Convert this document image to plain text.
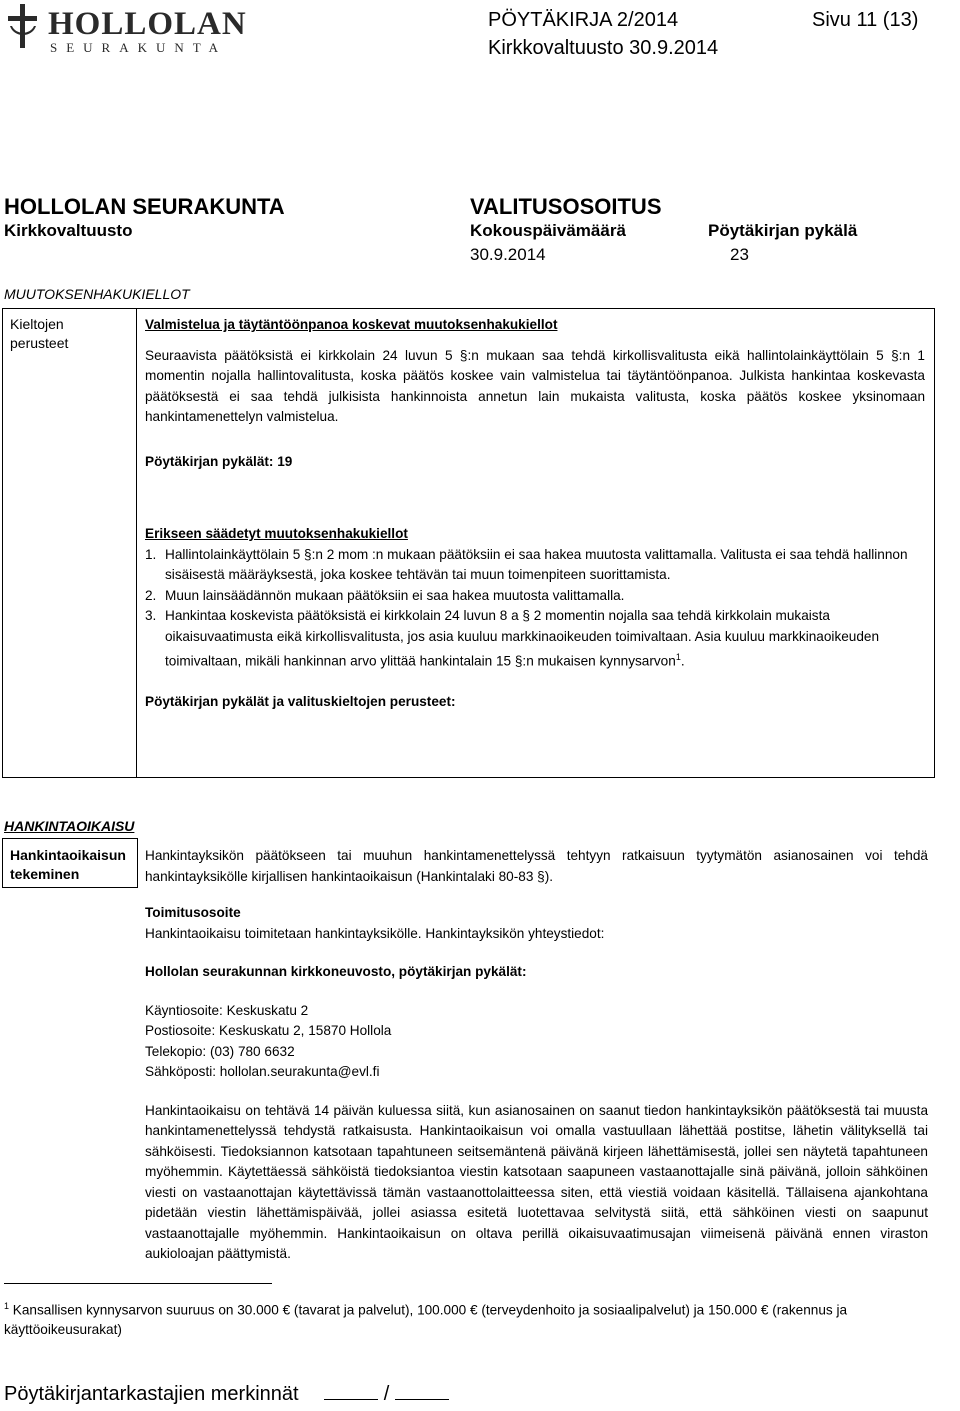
HOLLOLAN
SEURAKUNTA
PÖYTÄKIRJA 2/2014
Kirkkovaltuusto 30.9.2014
Sivu 11 (13)
HOLLOLAN SEURAKUNTA
Kirkkovaltuusto
VALITUSOSOITUS
Kokouspäivämäärä	Pöytäkirjan pykälä
30.9.2014	23
MUUTOKSENHAKUKIELLOT
Kieltojen perusteet

Valmistelua ja täytäntöönpanoa koskevat muutoksenhakukiellot

Seuraavista päätöksistä ei kirkkolain 24 luvun 5 §:n mukaan saa tehdä kirkollisvalitusta eikä hallintolainkäyttölain 5 §:n 1 momentin nojalla hallintovalitusta, koska päätös koskee vain valmistelua tai täytäntöönpanoa. Julkista hankintaa koskevasta päätöksestä ei saa tehdä julkisista hankinnoista annetun lain mukaista valitusta, koska päätös koskee yksinomaan hankintamenettelyn valmistelua.

Pöytäkirjan pykälät: 19

Erikseen säädetyt muutoksenhakukiellot

1. Hallintolainkäyttölain 5 §:n 2 mom :n mukaan päätöksiin ei saa hakea muutosta valittamalla. Valitusta ei saa tehdä hallinnon sisäisestä määräyksestä, joka koskee tehtävän tai muun toimenpiteen suorittamista.
2. Muun lainsäädännön mukaan päätöksiin ei saa hakea muutosta valittamalla.
3. Hankintaa koskevista päätöksistä ei kirkkolain 24 luvun 8 a § 2 momentin nojalla saa tehdä kirkkolain mukaista oikaisuvaatimusta eikä kirkollisvalitusta, jos asia kuuluu markkinaoikeuden toimivaltaan. Asia kuuluu markkinaoikeuden toimivaltaan, mikäli hankinnan arvo ylittää hankintalain 15 §:n mukaisen kynnysarvon$^1$.

Pöytäkirjan pykälät ja valituskieltojen perusteet:

HANKINTAOIKAISU
Hankintaoikaisun tekeminen

Hankintayksikön päätökseen tai muuhun hankintamenettelyssä tehtyyn ratkaisuun tyytymätön asianosainen voi tehdä hankintayksikölle kirjallisen hankintaoikaisun (Hankintalaki 80-83 §).

Toimitusosoite

Hankintaoikaisu toimitetaan hankintayksikölle. Hankintayksikön yhteystiedot:

Hollolan seurakunnan kirkkoneuvosto, pöytäkirjan pykälät:

Käyntiosoite: Keskuskatu 2

Postiosoite: Keskuskatu 2, 15870 Hollola

Telekopio: (03) 780 6632

Sähköposti: hollolan.seurakunta@evl.fi

Hankintaoikaisu on tehtävä 14 päivän kuluessa siitä, kun asianosainen on saanut tiedon hankintayksikön päätöksestä tai muusta hankintamenettelyssä tehdystä ratkaisusta. Hankintaoikaisun voi omalla vastuullaan lähettää postitse, lähetin välityksellä tai sähköisesti. Tiedoksiannon katsotaan tapahtuneen seitsemäntenä päivänä kirjeen lähettämisestä, jollei sen näytetä tapahtuneen myöhemmin. Käytettäessä sähköistä tiedoksiantoa viestin katsotaan saapuneen vastaanottajalle sinä päivänä, jolloin sähköinen viesti on vastaanottajan käytettävissä tämän vastaanottolaitteessa siten, että viestiä voidaan käsitellä. Tällaisena ajankohtana pidetään viestin lähettämispäivää, jollei asiassa esitetä luotettavaa selvitystä siitä, että sähköinen viesti on saapunut vastaanottajalle myöhemmin. Hankintaoikaisun on oltava perillä oikaisuvaatimusajan viimeisenä päivänä ennen viraston aukioloajan päättymistä.

$^1$ Kansallisen kynnysarvon suuruus on 30.000 € (tavarat ja palvelut), 100.000 € (terveydenhoito ja sosiaalipalvelut) ja 150.000 € (rakennus ja käyttöoikeusurakat)
Pöytäkirjantarkastajien merkinnät	/
